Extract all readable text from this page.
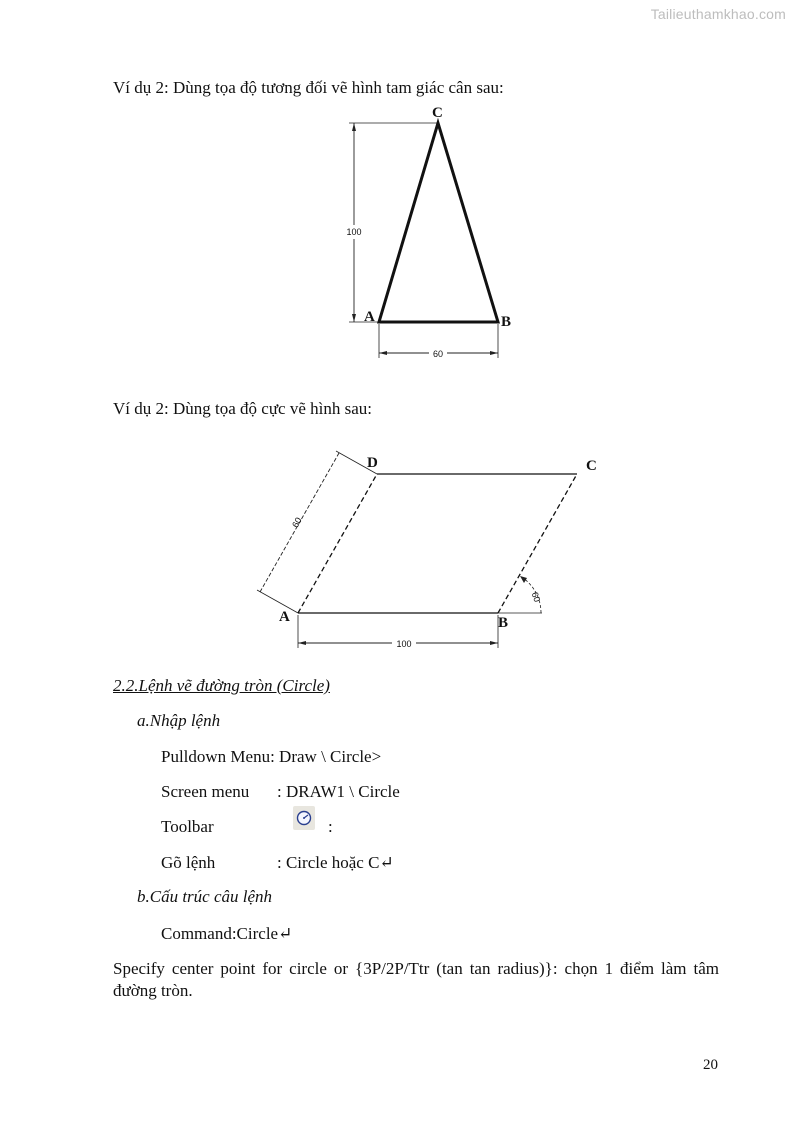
Tailieuthamkhao.com
Ví dụ 2: Dùng tọa độ tương đối vẽ hình tam giác cân sau:
100
60
C
A	B
Ví dụ 2: Dùng tọa độ cực vẽ hình sau:
60
60
100
D	C
A	B
2.2.Lệnh vẽ đường tròn (Circle)
a.Nhập lệnh
Pulldown Menu: Draw \ Circle>
Screen menu : DRAW1 \ Circle
Toolbar	:
Gõ lệnh	: Circle hoặc C↵
b.Cấu trúc câu lệnh
Command:Circle↵
Specify center point for circle or {3P/2P/Ttr (tan tan radius)}: chọn 1 điểm làm tâm đường tròn.
20
